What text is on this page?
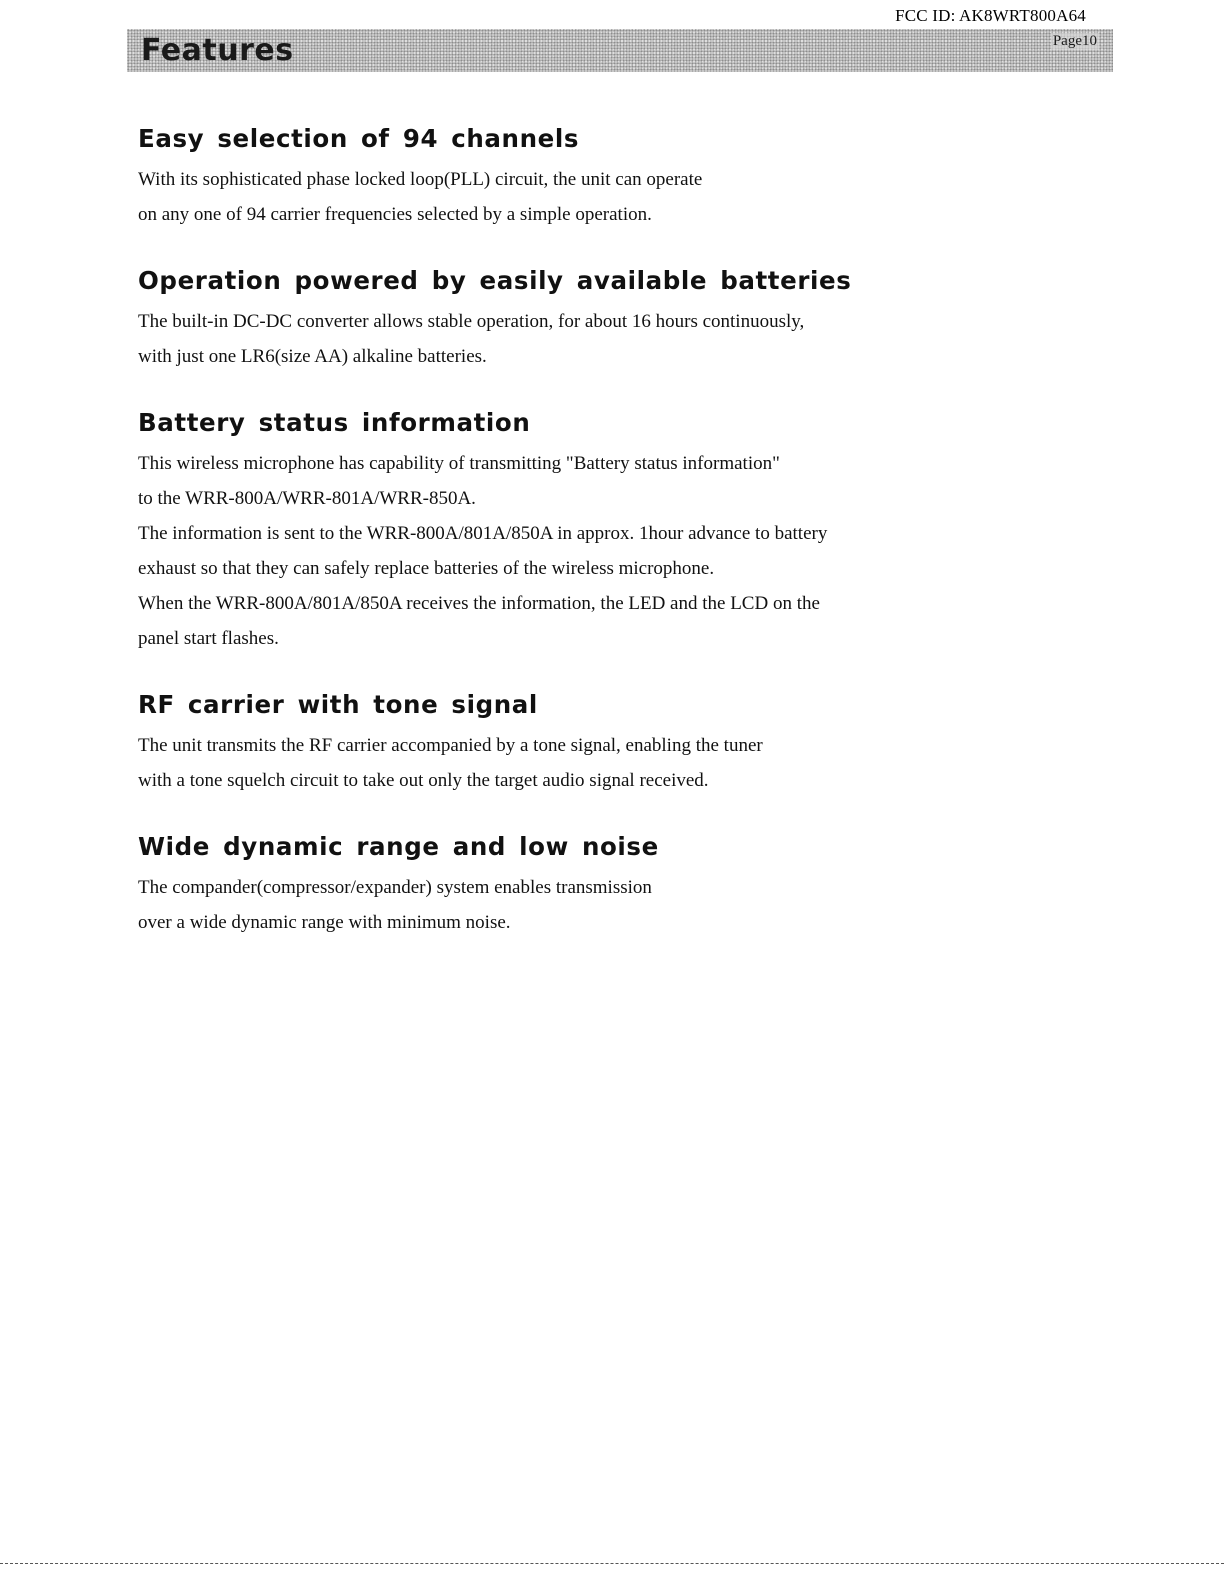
FCC ID: AK8WRT800A64
Features	Page10
Easy selection of 94 channels

With its sophisticated phase locked loop(PLL) circuit, the unit can operate

on any one of 94 carrier frequencies selected by a simple operation.

Operation powered by easily available batteries

The built-in DC-DC converter allows stable operation, for about 16 hours continuously,

with just one LR6(size AA) alkaline batteries.

Battery status information

This wireless microphone has capability of transmitting "Battery status information"

to the WRR-800A/WRR-801A/WRR-850A.

The information is sent to the WRR-800A/801A/850A in approx. 1hour advance to battery

exhaust so that they can safely replace batteries of the wireless microphone.

When the WRR-800A/801A/850A receives the information, the LED and the LCD on the

panel start flashes.

RF carrier with tone signal

The unit transmits the RF carrier accompanied by a tone signal, enabling the tuner

with a tone squelch circuit to take out only the target audio signal received.

Wide dynamic range and low noise

The compander(compressor/expander) system enables transmission

over a wide dynamic range with minimum noise.
